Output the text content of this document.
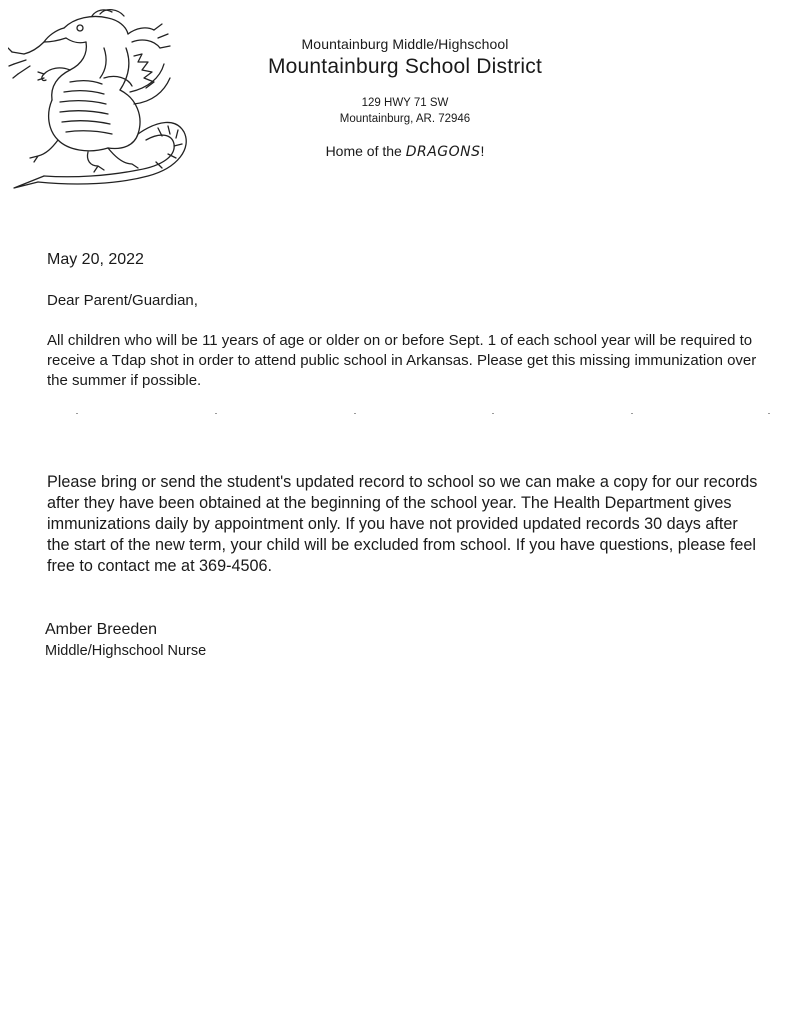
Mountainburg Middle/Highschool
Mountainburg School District
129 HWY 71 SW
Mountainburg, AR. 72946
Home of the DRAGONS!
May 20, 2022
Dear Parent/Guardian,
All children who will be 11 years of age or older on or before Sept. 1 of each school year will be required to receive a Tdap shot in order to attend public school in Arkansas. Please get this missing immunization over the summer if possible.
Please bring or send the student's updated record to school so we can make a copy for our records after they have been obtained at the beginning of the school year. The Health Department gives immunizations daily by appointment only. If you have not provided updated records 30 days after the start of the new term, your child will be excluded from school. If you have questions, please feel free to contact me at 369-4506.
Amber Breeden
Middle/Highschool Nurse
